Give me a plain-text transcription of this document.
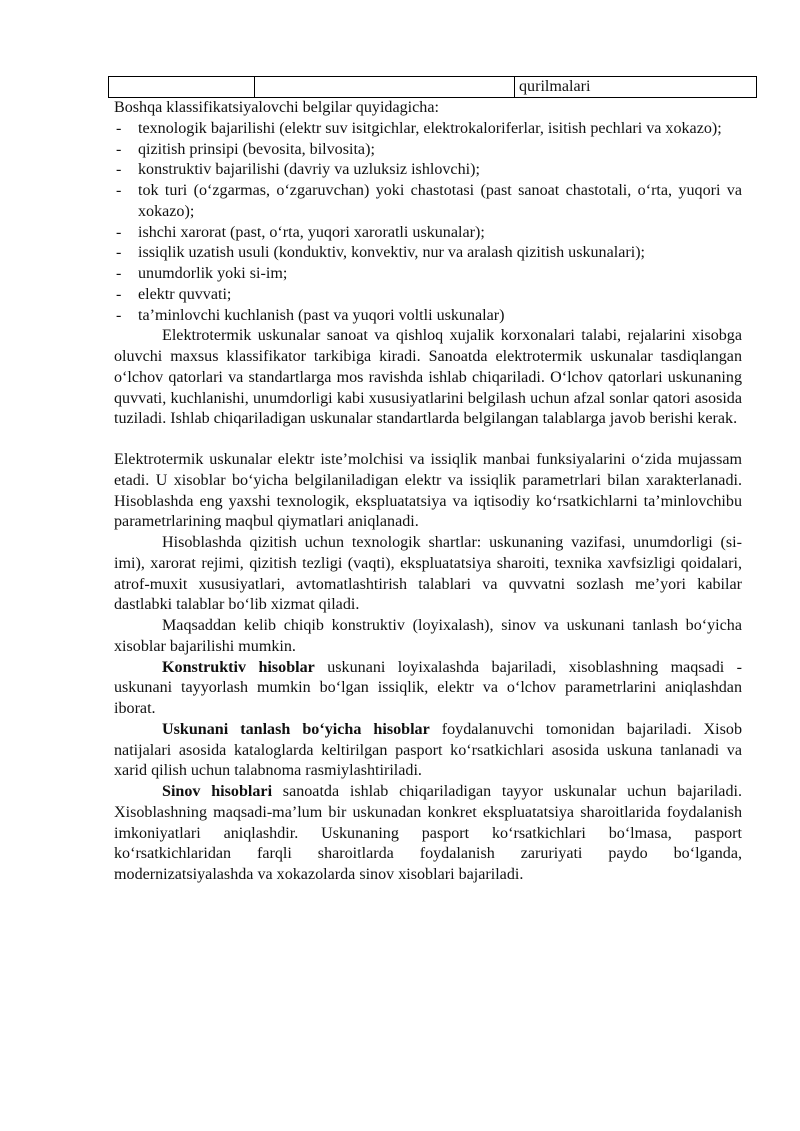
		qurilmalari

Boshqa klassifikatsiyalovchi belgilar quyidagicha:

- texnologik bajarilishi (elektr suv isitgichlar, elektrokaloriferlar, isitish pechlari va xokazo);
- qizitish prinsipi (bevosita, bilvosita);
- konstruktiv bajarilishi (davriy va uzluksiz ishlovchi);
- tok turi (o‘zgarmas, o‘zgaruvchan) yoki chastotasi (past sanoat chastotali, o‘rta, yuqori va xokazo);
- ishchi xarorat (past, o‘rta, yuqori xaroratli uskunalar);
- issiqlik uzatish usuli (konduktiv, konvektiv, nur va aralash qizitish uskunalari);
- unumdorlik yoki si-im;
- elektr quvvati;
- ta’minlovchi kuchlanish (past va yuqori voltli uskunalar)

Elektrotermik uskunalar sanoat va qishloq xujalik korxonalari talabi, rejalarini xisobga oluvchi maxsus klassifikator tarkibiga kiradi. Sanoatda elektrotermik uskunalar tasdiqlangan o‘lchov qatorlari va standartlarga mos ravishda ishlab chiqariladi. O‘lchov qatorlari uskunaning quvvati, kuchlanishi, unumdorligi kabi xususiyatlarini belgilash uchun afzal sonlar qatori asosida tuziladi. Ishlab chiqariladigan uskunalar standartlarda belgilangan talablarga javob berishi kerak.

Elektrotermik uskunalar elektr iste’molchisi va issiqlik manbai funksiyalarini o‘zida mujassam etadi. U xisoblar bo‘yicha belgilaniladigan elektr va issiqlik parametrlari bilan xarakterlanadi. Hisoblashda eng yaxshi texnologik, ekspluatatsiya va iqtisodiy ko‘rsatkichlarni ta’minlovchibu parametrlarining maqbul qiymatlari aniqlanadi.

Hisoblashda qizitish uchun texnologik shartlar: uskunaning vazifasi, unumdorligi (si-imi), xarorat rejimi, qizitish tezligi (vaqti), ekspluatatsiya sharoiti, texnika xavfsizligi qoidalari, atrof-muxit xususiyatlari, avtomatlashtirish talablari va quvvatni sozlash me’yori kabilar dastlabki talablar bo‘lib xizmat qiladi.

Maqsaddan kelib chiqib konstruktiv (loyixalash), sinov va uskunani tanlash bo‘yicha xisoblar bajarilishi mumkin.

Konstruktiv hisoblar uskunani loyixalashda bajariladi, xisoblashning maqsadi - uskunani tayyorlash mumkin bo‘lgan issiqlik, elektr va o‘lchov parametrlarini aniqlashdan iborat.

Uskunani tanlash bo‘yicha hisoblar foydalanuvchi tomonidan bajariladi. Xisob natijalari asosida kataloglarda keltirilgan pasport ko‘rsatkichlari asosida uskuna tanlanadi va xarid qilish uchun talabnoma rasmiylashtiriladi.

Sinov hisoblari sanoatda ishlab chiqariladigan tayyor uskunalar uchun bajariladi. Xisoblashning maqsadi-ma’lum bir uskunadan konkret ekspluatatsiya sharoitlarida foydalanish imkoniyatlari aniqlashdir. Uskunaning pasport ko‘rsatkichlari bo‘lmasa, pasport ko‘rsatkichlaridan farqli sharoitlarda foydalanish zaruriyati paydo bo‘lganda, modernizatsiyalashda va xokazolarda sinov xisoblari bajariladi.
